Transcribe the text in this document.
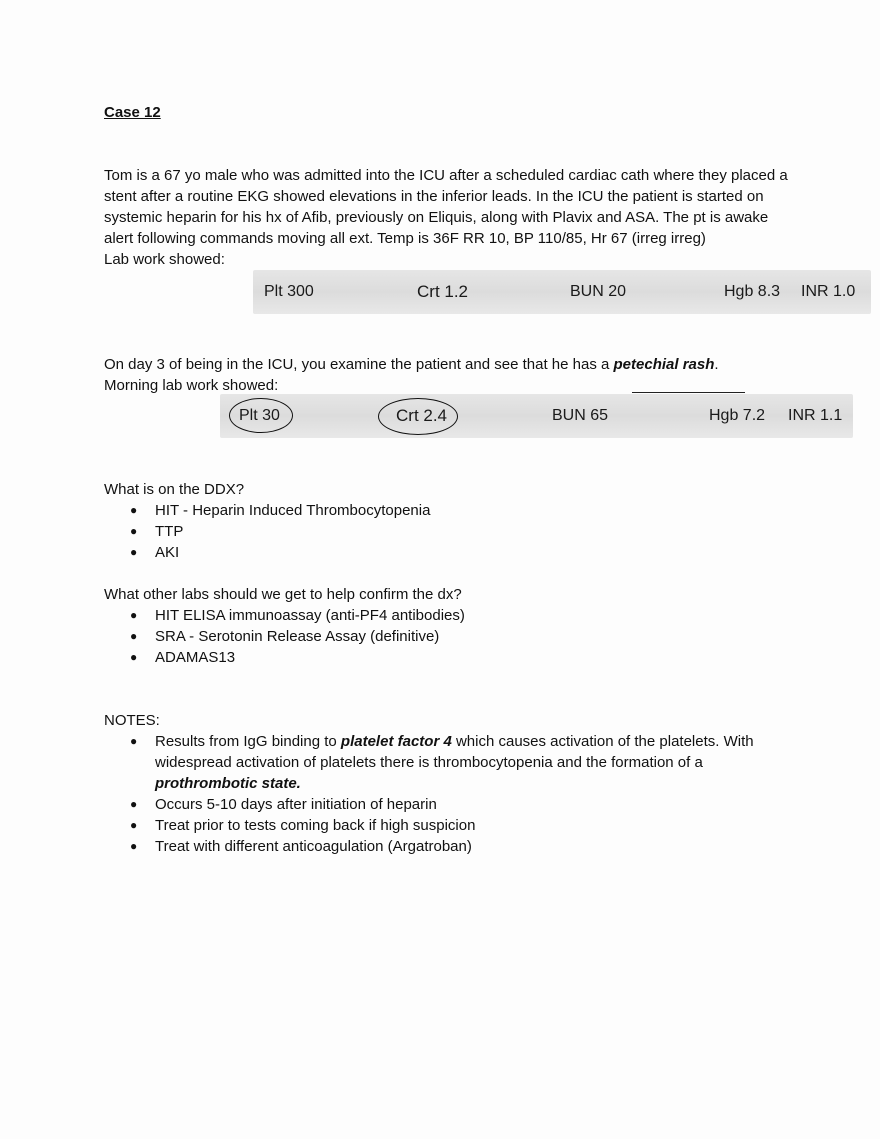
Case 12
Tom is a 67 yo male who was admitted into the ICU after a scheduled cardiac cath where they placed a stent after a routine EKG showed elevations in the inferior leads. In the ICU the patient is started on systemic heparin for his hx of Afib, previously on Eliquis, along with Plavix and ASA. The pt is awake alert following commands moving all ext. Temp is 36F RR 10, BP 110/85, Hr 67 (irreg irreg)
Lab work showed:
Plt 300	Crt 1.2	BUN 20	Hgb 8.3 INR 1.0
On day 3 of being in the ICU, you examine the patient and see that he has a petechial rash.
Morning lab work showed:
Plt 30	Crt 2.4	BUN 65	Hgb 7.2 INR 1.1
What is on the DDX?
● HIT - Heparin Induced Thrombocytopenia
● TTP
● AKI
What other labs should we get to help confirm the dx?
● HIT ELISA immunoassay (anti-PF4 antibodies)
● SRA - Serotonin Release Assay (definitive)
● ADAMAS13
NOTES:
● Results from IgG binding to platelet factor 4 which causes activation of the platelets. With widespread activation of platelets there is thrombocytopenia and the formation of a prothrombotic state.
● Occurs 5-10 days after initiation of heparin
● Treat prior to tests coming back if high suspicion
● Treat with different anticoagulation (Argatroban)
